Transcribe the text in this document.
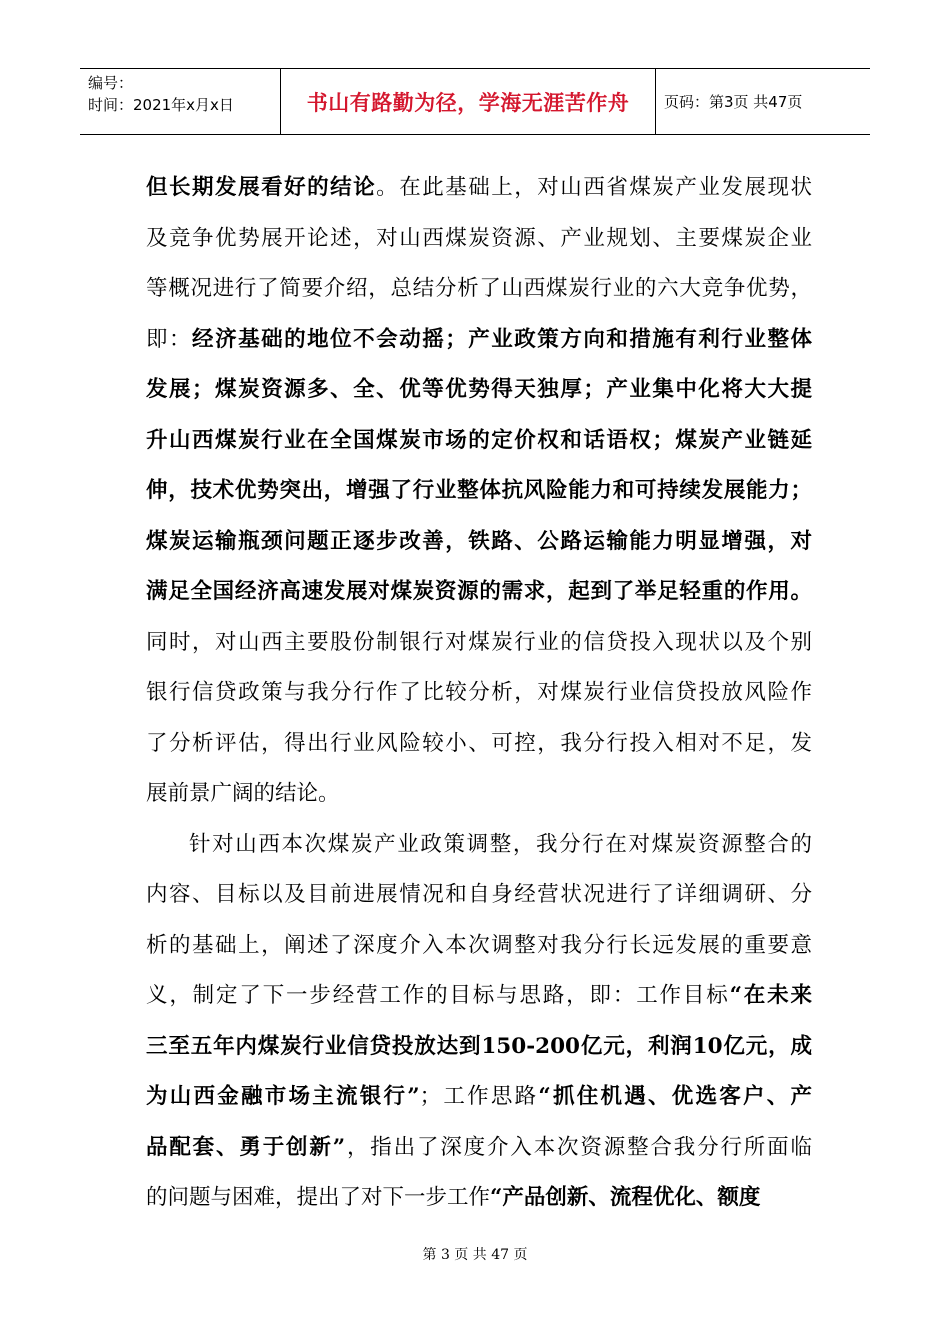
编号：
时间：2021年x月x日	书山有路勤为径，学海无涯苦作舟	页码：第3页 共47页
但长期发展看好的结论。在此基础上，对山西省煤炭产业发展现状
及竞争优势展开论述，对山西煤炭资源、产业规划、主要煤炭企业
等概况进行了简要介绍，总结分析了山西煤炭行业的六大竞争优势，
即：经济基础的地位不会动摇；产业政策方向和措施有利行业整体
发展；煤炭资源多、全、优等优势得天独厚；产业集中化将大大提
升山西煤炭行业在全国煤炭市场的定价权和话语权；煤炭产业链延
伸，技术优势突出，增强了行业整体抗风险能力和可持续发展能力；
煤炭运输瓶颈问题正逐步改善，铁路、公路运输能力明显增强，对
满足全国经济高速发展对煤炭资源的需求，起到了举足轻重的作用。
同时，对山西主要股份制银行对煤炭行业的信贷投入现状以及个别
银行信贷政策与我分行作了比较分析，对煤炭行业信贷投放风险作
了分析评估，得出行业风险较小、可控，我分行投入相对不足，发
展前景广阔的结论。
针对山西本次煤炭产业政策调整，我分行在对煤炭资源整合的
内容、目标以及目前进展情况和自身经营状况进行了详细调研、分
析的基础上，阐述了深度介入本次调整对我分行长远发展的重要意
义，制定了下一步经营工作的目标与思路，即：工作目标“在未来
三至五年内煤炭行业信贷投放达到150-200亿元，利润10亿元，成
为山西金融市场主流银行”；工作思路“抓住机遇、优选客户、产
品配套、勇于创新”，指出了深度介入本次资源整合我分行所面临
的问题与困难，提出了对下一步工作“产品创新、流程优化、额度
第 3 页 共 47 页
